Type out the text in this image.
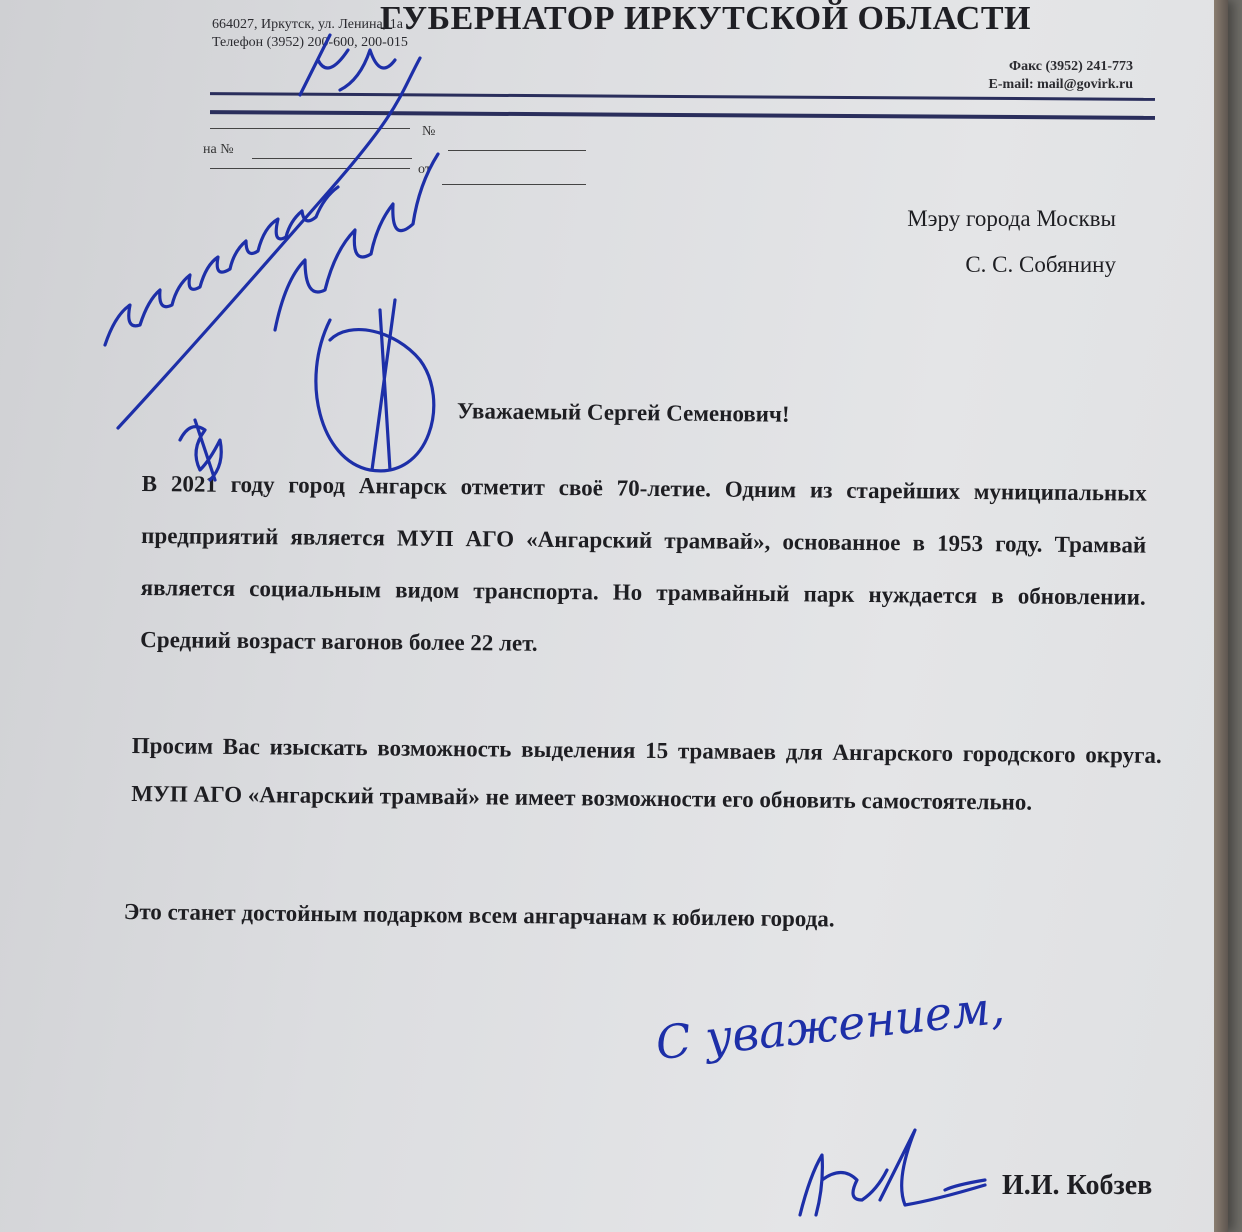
ГУБЕРНАТОР ИРКУТСКОЙ ОБЛАСТИ
664027, Иркутск, ул. Ленина, 1а
Телефон (3952) 200-600, 200-015
Факс (3952) 241-773
E-mail: mail@govirk.ru
№
от
на №
Мэру города Москвы
С. С. Собянину
Уважаемый Сергей Семенович!
В 2021 году город Ангарск отметит своё 70-летие. Одним из старейших муниципальных предприятий является МУП АГО «Ангарский трамвай», основанное в 1953 году. Трамвай является социальным видом транспорта. Но трамвайный парк нуждается в обновлении. Средний возраст вагонов более 22 лет.
Просим Вас изыскать возможность выделения 15 трамваев для Ангарского городского округа. МУП АГО «Ангарский трамвай» не имеет возможности его обновить самостоятельно.
Это станет достойным подарком всем ангарчанам к юбилею города.
С уважением,
И.И. Кобзев
